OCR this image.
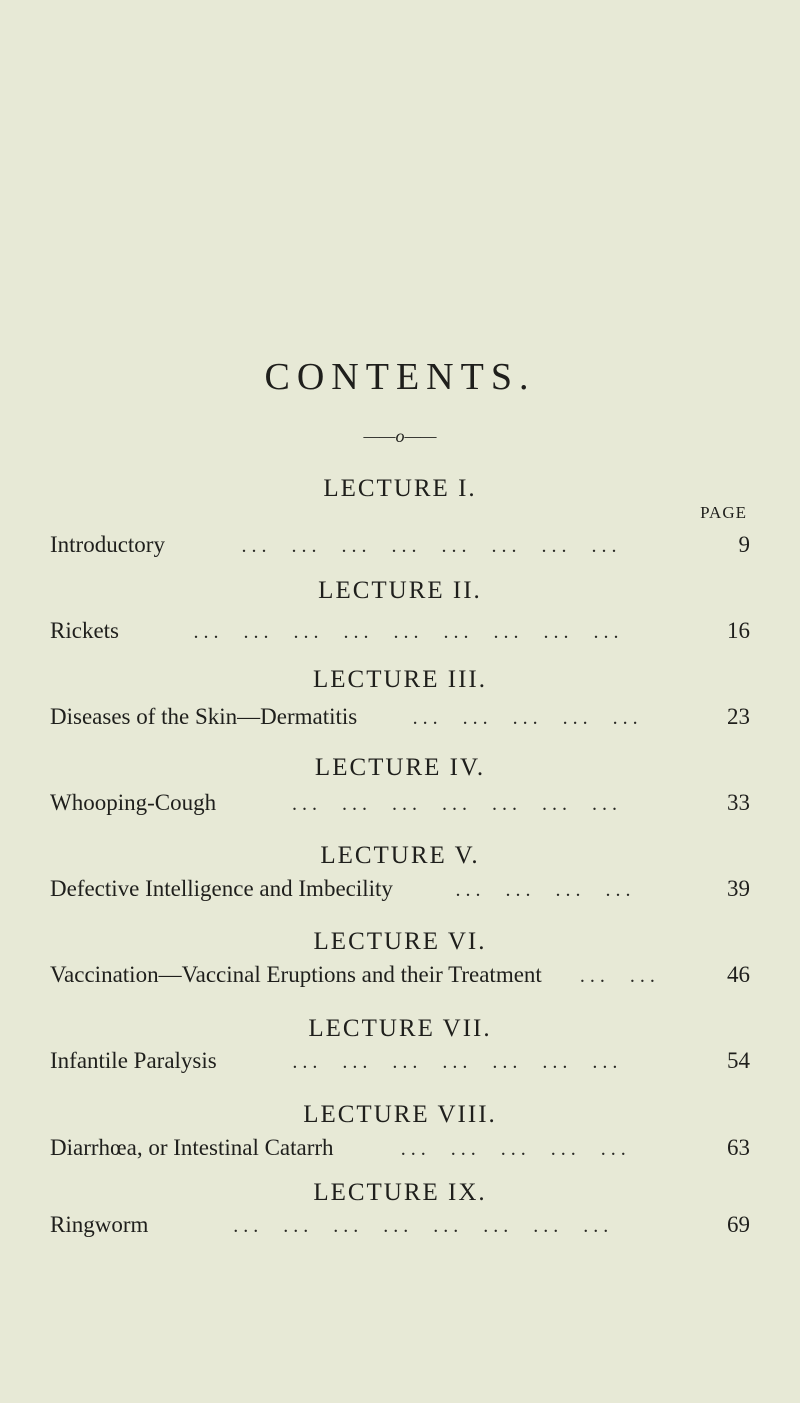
CONTENTS.
——o——
PAGE
LECTURE I.
Introductory	...  ...  ...  ...  ...  ...  ...  ...	9
LECTURE II.
Rickets	...  ...  ...  ...  ...  ...  ...  ...  ...	16
LECTURE III.
Diseases of the Skin—Dermatitis	...  ...  ...  ...  ...	23
LECTURE IV.
Whooping-Cough	...  ...  ...  ...  ...  ...  ...	33
LECTURE V.
Defective Intelligence and Imbecility	...  ...  ...  ...	39
LECTURE VI.
Vaccination—Vaccinal Eruptions and their Treatment	...  ...	46
LECTURE VII.
Infantile Paralysis	...  ...  ...  ...  ...  ...  ...	54
LECTURE VIII.
Diarrhœa, or Intestinal Catarrh	...  ...  ...  ...  ...	63
LECTURE IX.
Ringworm	...  ...  ...  ...  ...  ...  ...  ...	69
